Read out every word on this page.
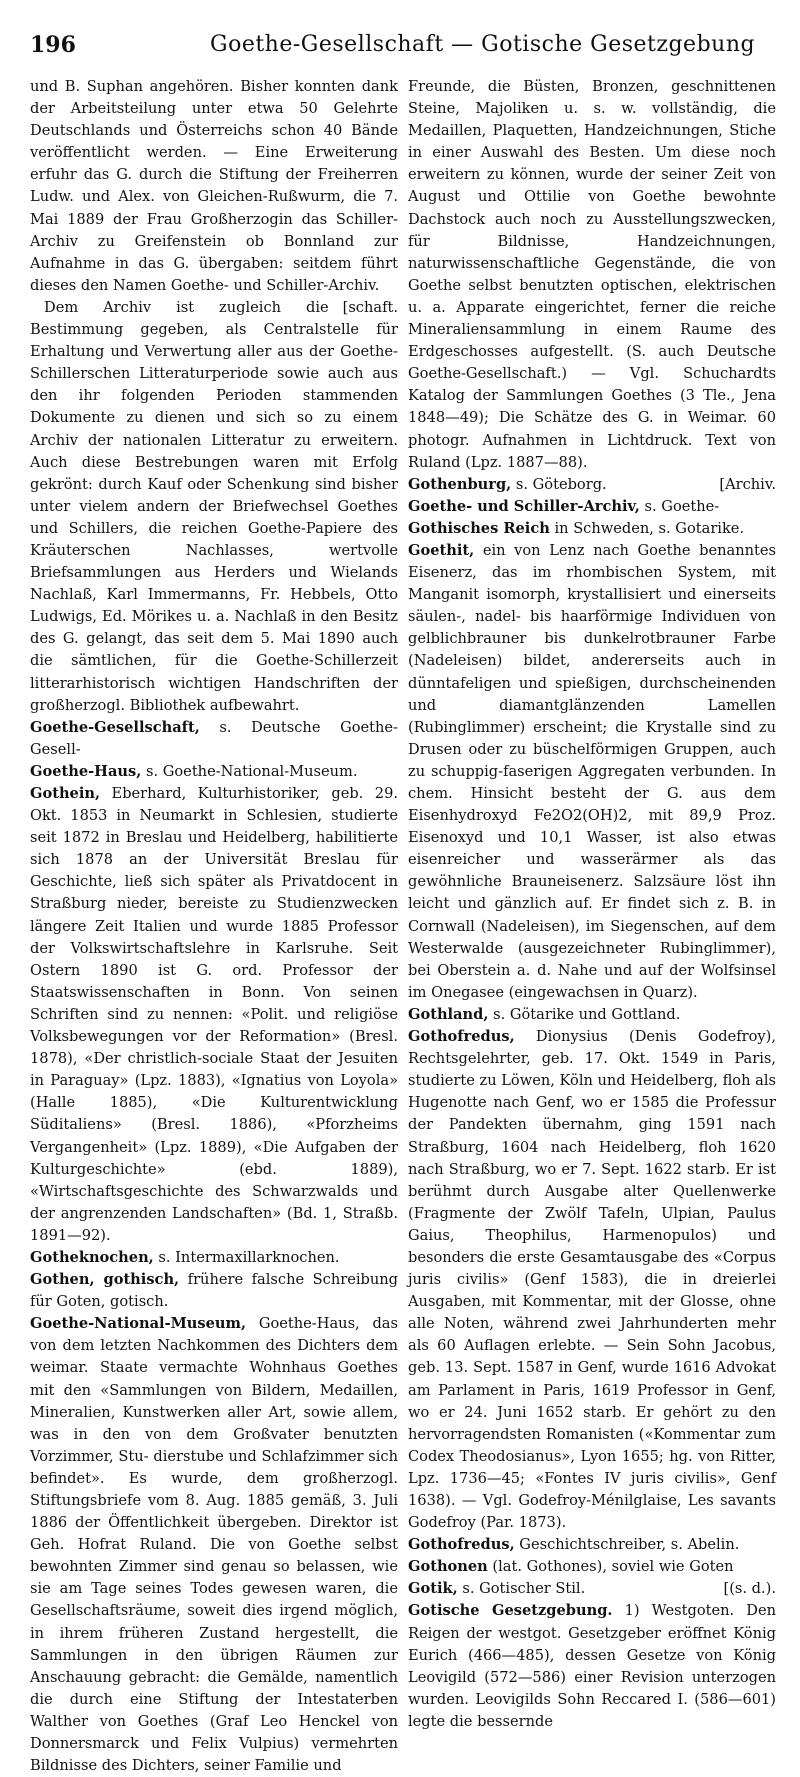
196	Goethe-Gesellschaft — Gotische Gesetzgebung

und B. Suphan angehören. Bisher konnten dank der Arbeitsteilung unter etwa 50 Gelehrte Deutschlands und Österreichs schon 40 Bände veröffentlicht werden. — Eine Erweiterung erfuhr das G. durch die Stiftung der Freiherren Ludw. und Alex. von Gleichen-Rußwurm, die 7. Mai 1889 der Frau Großherzogin das Schiller-Archiv zu Greifenstein ob Bonnland zur Aufnahme in das G. übergaben: seitdem führt dieses den Namen Goethe- und Schiller-Archiv.

[schaft.
Dem Archiv ist zugleich die Bestimmung gegeben, als Centralstelle für Erhaltung und Verwertung aller aus der Goethe-Schillerschen Litteraturperiode sowie auch aus den ihr folgenden Perioden stammenden Dokumente zu dienen und sich so zu einem Archiv der nationalen Litteratur zu erweitern. Auch diese Bestrebungen waren mit Erfolg gekrönt: durch Kauf oder Schenkung sind bisher unter vielem andern der Briefwechsel Goethes und Schillers, die reichen Goethe-Papiere des Kräuterschen Nachlasses, wertvolle Briefsammlungen aus Herders und Wielands Nachlaß, Karl Immermanns, Fr. Hebbels, Otto Ludwigs, Ed. Mörikes u. a. Nachlaß in den Besitz des G. gelangt, das seit dem 5. Mai 1890 auch die sämtlichen, für die Goethe-Schillerzeit litterarhistorisch wichtigen Handschriften der großherzogl. Bibliothek aufbewahrt.

Goethe-Gesellschaft, s. Deutsche Goethe-Gesell-

Goethe-Haus, s. Goethe-National-Museum.

Gothein, Eberhard, Kulturhistoriker, geb. 29. Okt. 1853 in Neumarkt in Schlesien, studierte seit 1872 in Breslau und Heidelberg, habilitierte sich 1878 an der Universität Breslau für Geschichte, ließ sich später als Privatdocent in Straßburg nieder, bereiste zu Studienzwecken längere Zeit Italien und wurde 1885 Professor der Volkswirtschaftslehre in Karlsruhe. Seit Ostern 1890 ist G. ord. Professor der Staatswissenschaften in Bonn. Von seinen Schriften sind zu nennen: «Polit. und religiöse Volksbewegungen vor der Reformation» (Bresl. 1878), «Der christlich-sociale Staat der Jesuiten in Paraguay» (Lpz. 1883), «Ignatius von Loyola» (Halle 1885), «Die Kulturentwicklung Süditaliens» (Bresl. 1886), «Pforzheims Vergangenheit» (Lpz. 1889), «Die Aufgaben der Kulturgeschichte» (ebd. 1889), «Wirtschaftsgeschichte des Schwarzwalds und der angrenzenden Landschaften» (Bd. 1, Straßb. 1891—92).

Gotheknochen, s. Intermaxillarknochen.

Gothen, gothisch, frühere falsche Schreibung für Goten, gotisch.

Goethe-National-Museum, Goethe-Haus, das von dem letzten Nachkommen des Dichters dem weimar. Staate vermachte Wohnhaus Goethes mit den «Sammlungen von Bildern, Medaillen, Mineralien, Kunstwerken aller Art, sowie allem, was in den von dem Großvater benutzten Vorzimmer, Stu- dierstube und Schlafzimmer sich befindet». Es wurde, dem großherzogl. Stiftungsbriefe vom 8. Aug. 1885 gemäß, 3. Juli 1886 der Öffentlichkeit übergeben. Direktor ist Geh. Hofrat Ruland. Die von Goethe selbst bewohnten Zimmer sind genau so belassen, wie sie am Tage seines Todes gewesen waren, die Gesellschaftsräume, soweit dies irgend möglich, in ihrem früheren Zustand hergestellt, die Sammlungen in den übrigen Räumen zur Anschauung gebracht: die Gemälde, namentlich die durch eine Stiftung der Intestaterben Walther von Goethes (Graf Leo Henckel von Donnersmarck und Felix Vulpius) vermehrten Bildnisse des Dichters, seiner Familie und

Freunde, die Büsten, Bronzen, geschnittenen Steine, Majoliken u. s. w. vollständig, die Medaillen, Plaquetten, Handzeichnungen, Stiche in einer Auswahl des Besten. Um diese noch erweitern zu können, wurde der seiner Zeit von August und Ottilie von Goethe bewohnte Dachstock auch noch zu Ausstellungszwecken, für Bildnisse, Handzeichnungen, naturwissenschaftliche Gegenstände, die von Goethe selbst benutzten optischen, elektrischen u. a. Apparate eingerichtet, ferner die reiche Mineraliensammlung in einem Raume des Erdgeschosses aufgestellt. (S. auch Deutsche Goethe-Gesellschaft.) — Vgl. Schuchardts Katalog der Sammlungen Goethes (3 Tle., Jena 1848—49); Die Schätze des G. in Weimar. 60 photogr. Aufnahmen in Lichtdruck. Text von Ruland (Lpz. 1887—88).

[Archiv.
Gothenburg, s. Göteborg.

Goethe- und Schiller-Archiv, s. Goethe-

Gothisches Reich in Schweden, s. Gotarike.

Goethit, ein von Lenz nach Goethe benanntes Eisenerz, das im rhombischen System, mit Manganit isomorph, krystallisiert und einerseits säulen-, nadel- bis haarförmige Individuen von gelblichbrauner bis dunkelrotbrauner Farbe (Nadeleisen) bildet, andererseits auch in dünntafeligen und spießigen, durchscheinenden und diamantglänzenden Lamellen (Rubinglimmer) erscheint; die Krystalle sind zu Drusen oder zu büschelförmigen Gruppen, auch zu schuppig-faserigen Aggregaten verbunden. In chem. Hinsicht besteht der G. aus dem Eisenhydroxyd Fe2O2(OH)2, mit 89,9 Proz. Eisenoxyd und 10,1 Wasser, ist also etwas eisenreicher und wasserärmer als das gewöhnliche Brauneisenerz. Salzsäure löst ihn leicht und gänzlich auf. Er findet sich z. B. in Cornwall (Nadeleisen), im Siegenschen, auf dem Westerwalde (ausgezeichneter Rubinglimmer), bei Oberstein a. d. Nahe und auf der Wolfsinsel im Onegasee (eingewachsen in Quarz).

Gothland, s. Götarike und Gottland.

Gothofredus, Dionysius (Denis Godefroy), Rechtsgelehrter, geb. 17. Okt. 1549 in Paris, studierte zu Löwen, Köln und Heidelberg, floh als Hugenotte nach Genf, wo er 1585 die Professur der Pandekten übernahm, ging 1591 nach Straßburg, 1604 nach Heidelberg, floh 1620 nach Straßburg, wo er 7. Sept. 1622 starb. Er ist berühmt durch Ausgabe alter Quellenwerke (Fragmente der Zwölf Tafeln, Ulpian, Paulus Gaius, Theophilus, Harmenopulos) und besonders die erste Gesamtausgabe des «Corpus juris civilis» (Genf 1583), die in dreierlei Ausgaben, mit Kommentar, mit der Glosse, ohne alle Noten, während zwei Jahrhunderten mehr als 60 Auflagen erlebte. — Sein Sohn Jacobus, geb. 13. Sept. 1587 in Genf, wurde 1616 Advokat am Parlament in Paris, 1619 Professor in Genf, wo er 24. Juni 1652 starb. Er gehört zu den hervorragendsten Romanisten («Kommentar zum Codex Theodosianus», Lyon 1655; hg. von Ritter, Lpz. 1736—45; «Fontes IV juris civilis», Genf 1638). — Vgl. Godefroy-Ménilglaise, Les savants Godefroy (Par. 1873).

Gothofredus, Geschichtschreiber, s. Abelin.

Gothonen (lat. Gothones), soviel wie Goten

[(s. d.).
Gotik, s. Gotischer Stil.

Gotische Gesetzgebung. 1) Westgoten. Den Reigen der westgot. Gesetzgeber eröffnet König Eurich (466—485), dessen Gesetze von König Leovigild (572—586) einer Revision unterzogen wurden. Leovigilds Sohn Reccared I. (586—601) legte die bessernde
